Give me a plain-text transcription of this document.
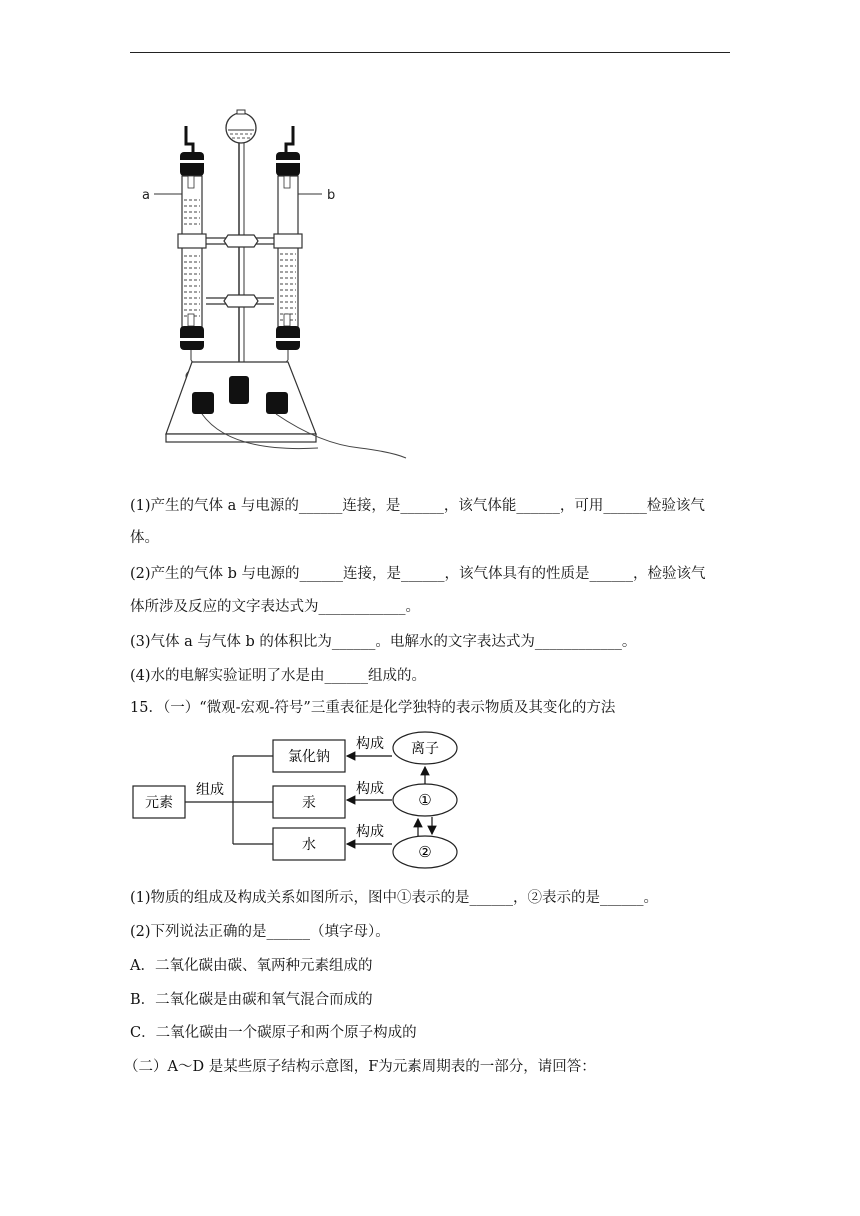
a	b
(1)产生的气体 a 与电源的______连接，是______，该气体能______，可用______检验该气
体。
(2)产生的气体 b 与电源的______连接，是______，该气体具有的性质是______，检验该气
体所涉及反应的文字表达式为____________。
(3)气体 a 与气体 b 的体积比为______。电解水的文字表达式为____________。
(4)水的电解实验证明了水是由______组成的。
15．（一）“微观-宏观-符号”三重表征是化学独特的表示物质及其变化的方法
元素
组成
氯化钠
汞
水
构成
构成
构成
离子
①
②
(1)物质的组成及构成关系如图所示，图中①表示的是______，②表示的是______。
(2)下列说法正确的是______（填字母）。
A．二氧化碳由碳、氧两种元素组成的
B．二氧化碳是由碳和氧气混合而成的
C．二氧化碳由一个碳原子和两个原子构成的
（二）A～D 是某些原子结构示意图，F为元素周期表的一部分，请回答：
